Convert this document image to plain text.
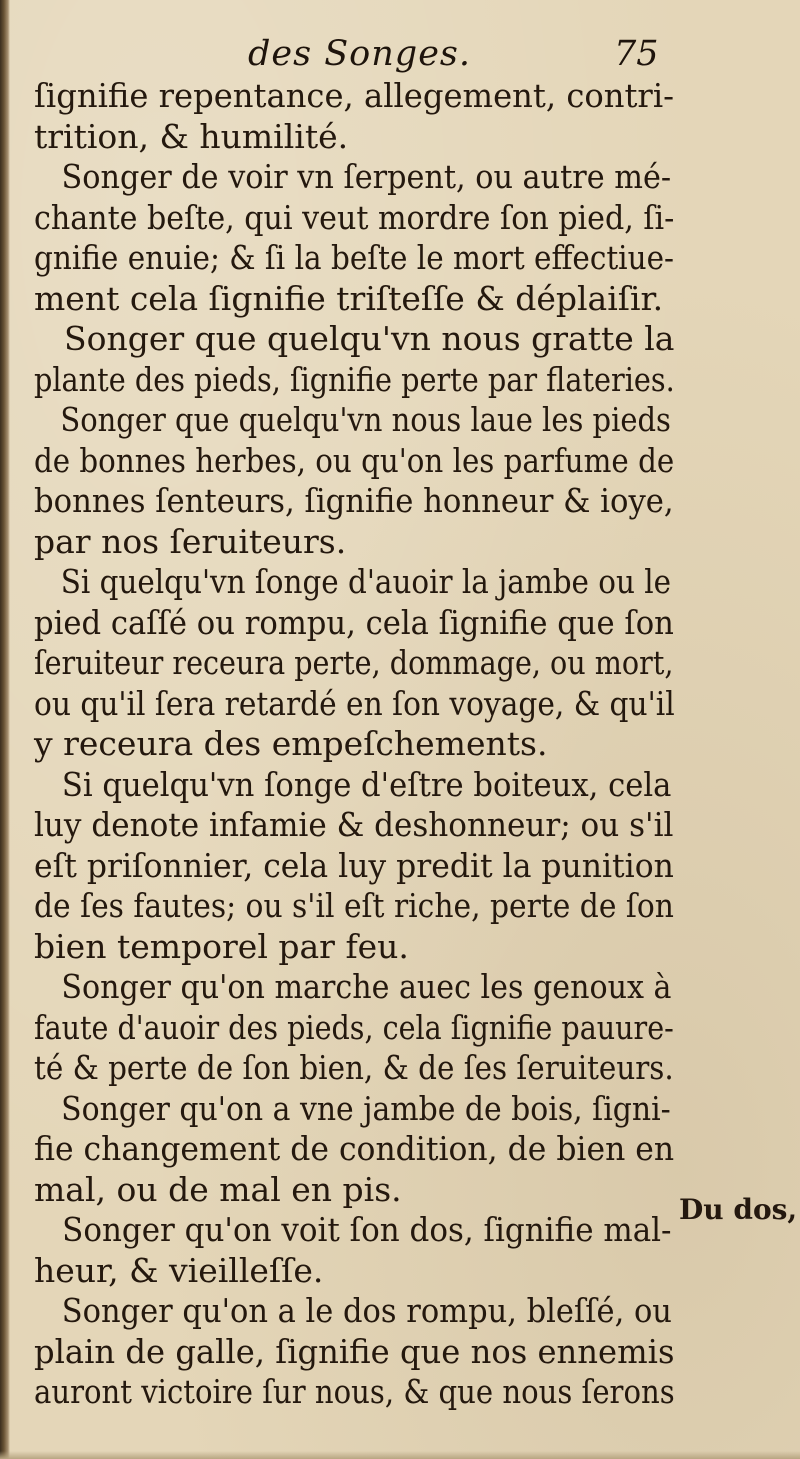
des Songes.	75
ſignifie repentance, allegement, contri-
trition, & humilité.
Songer de voir vn ſerpent, ou autre mé-
chante beſte, qui veut mordre ſon pied, ſi-
gnifie enuie; & ſi la beſte le mort effectiue-
ment cela ſignifie triſteſſe & déplaiſir.
Songer que quelqu'vn nous gratte la
plante des pieds, ſignifie perte par flateries.
Songer que quelqu'vn nous laue les pieds
de bonnes herbes, ou qu'on les parfume de
bonnes ſenteurs, ſignifie honneur & ioye,
par nos ſeruiteurs.
Si quelqu'vn ſonge d'auoir la jambe ou le
pied caſſé ou rompu, cela ſignifie que ſon
ſeruiteur receura perte, dommage, ou mort,
ou qu'il ſera retardé en ſon voyage, & qu'il
y receura des empeſchements.
Si quelqu'vn ſonge d'eſtre boiteux, cela
luy denote infamie & deshonneur; ou s'il
eſt priſonnier, cela luy predit la punition
de ſes fautes; ou s'il eſt riche, perte de ſon
bien temporel par feu.
Songer qu'on marche auec les genoux à
faute d'auoir des pieds, cela ſignifie pauure-
té & perte de ſon bien, & de ſes ſeruiteurs.
Songer qu'on a vne jambe de bois, ſigni-
fie changement de condition, de bien en
mal, ou de mal en pis.
Songer qu'on voit ſon dos, ſignifie mal-
heur, & vieilleſſe.
Songer qu'on a le dos rompu, bleſſé, ou
plain de galle, ſignifie que nos ennemis
auront victoire ſur nous, & que nous ſerons
Du dos,
